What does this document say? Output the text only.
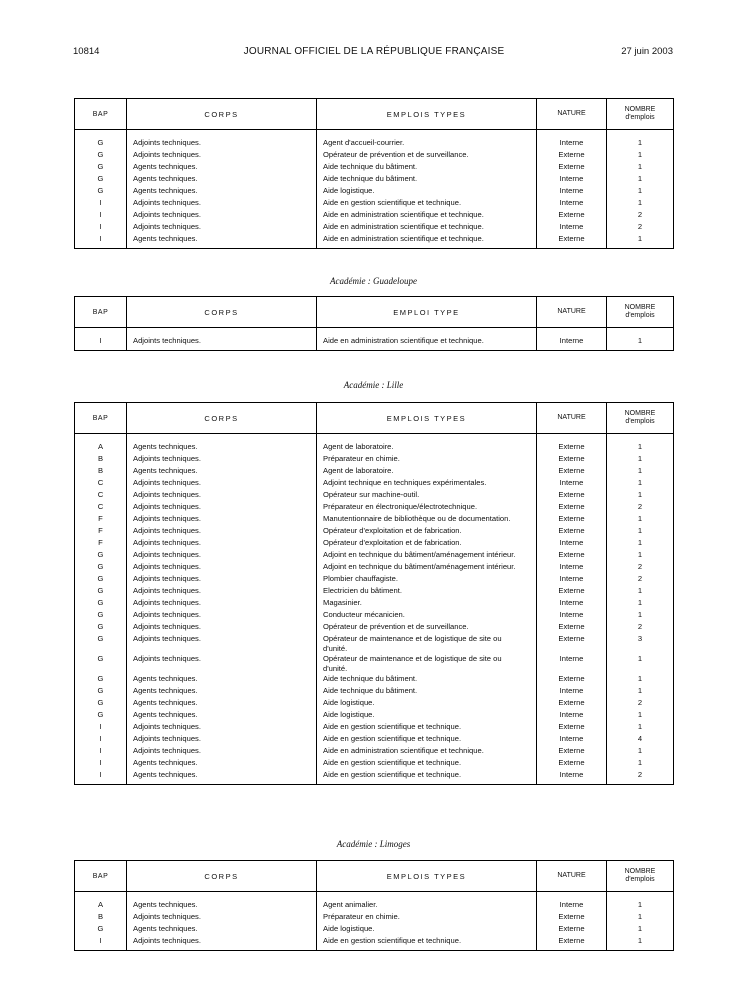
10814	JOURNAL OFFICIEL DE LA RÉPUBLIQUE FRANÇAISE	27 juin 2003
BAP	CORPS	EMPLOIS TYPES	NATURE	NOMBRE
d'emplois
G	Adjoints techniques.	Agent d'accueil-courrier.	Interne	1
G	Adjoints techniques.	Opérateur de prévention et de surveillance.	Externe	1
G	Agents techniques.	Aide technique du bâtiment.	Externe	1
G	Agents techniques.	Aide technique du bâtiment.	Interne	1
G	Agents techniques.	Aide logistique.	Interne	1
I	Adjoints techniques.	Aide en gestion scientifique et technique.	Interne	1
I	Adjoints techniques.	Aide en administration scientifique et technique.	Externe	2
I	Adjoints techniques.	Aide en administration scientifique et technique.	Interne	2
I	Agents techniques.	Aide en administration scientifique et technique.	Externe	1
Académie : Guadeloupe
BAP	CORPS	EMPLOI TYPE	NATURE	NOMBRE
d'emplois
I	Adjoints techniques.	Aide en administration scientifique et technique.	Interne	1
Académie : Lille
BAP	CORPS	EMPLOIS TYPES	NATURE	NOMBRE
d'emplois
A	Agents techniques.	Agent de laboratoire.	Externe	1
B	Adjoints techniques.	Préparateur en chimie.	Externe	1
B	Agents techniques.	Agent de laboratoire.	Externe	1
C	Adjoints techniques.	Adjoint technique en techniques expérimentales.	Interne	1
C	Adjoints techniques.	Opérateur sur machine-outil.	Externe	1
C	Adjoints techniques.	Préparateur en électronique/électrotechnique.	Externe	2
F	Adjoints techniques.	Manutentionnaire de bibliothèque ou de documentation.	Externe	1
F	Adjoints techniques.	Opérateur d'exploitation et de fabrication.	Externe	1
F	Adjoints techniques.	Opérateur d'exploitation et de fabrication.	Interne	1
G	Adjoints techniques.	Adjoint en technique du bâtiment/aménagement intérieur.	Externe	1
G	Adjoints techniques.	Adjoint en technique du bâtiment/aménagement intérieur.	Interne	2
G	Adjoints techniques.	Plombier chauffagiste.	Interne	2
G	Adjoints techniques.	Electricien du bâtiment.	Externe	1
G	Adjoints techniques.	Magasinier.	Interne	1
G	Adjoints techniques.	Conducteur mécanicien.	Interne	1
G	Adjoints techniques.	Opérateur de prévention et de surveillance.	Externe	2
G	Adjoints techniques.	Opérateur de maintenance et de logistique de site ou d'unité.	Externe	3
G	Adjoints techniques.	Opérateur de maintenance et de logistique de site ou d'unité.	Interne	1
G	Agents techniques.	Aide technique du bâtiment.	Externe	1
G	Agents techniques.	Aide technique du bâtiment.	Interne	1
G	Agents techniques.	Aide logistique.	Externe	2
G	Agents techniques.	Aide logistique.	Interne	1
I	Adjoints techniques.	Aide en gestion scientifique et technique.	Externe	1
I	Adjoints techniques.	Aide en gestion scientifique et technique.	Interne	4
I	Adjoints techniques.	Aide en administration scientifique et technique.	Externe	1
I	Agents techniques.	Aide en gestion scientifique et technique.	Externe	1
I	Agents techniques.	Aide en gestion scientifique et technique.	Interne	2
Académie : Limoges
BAP	CORPS	EMPLOIS TYPES	NATURE	NOMBRE
d'emplois
A	Agents techniques.	Agent animalier.	Interne	1
B	Adjoints techniques.	Préparateur en chimie.	Externe	1
G	Agents techniques.	Aide logistique.	Externe	1
I	Adjoints techniques.	Aide en gestion scientifique et technique.	Externe	1
